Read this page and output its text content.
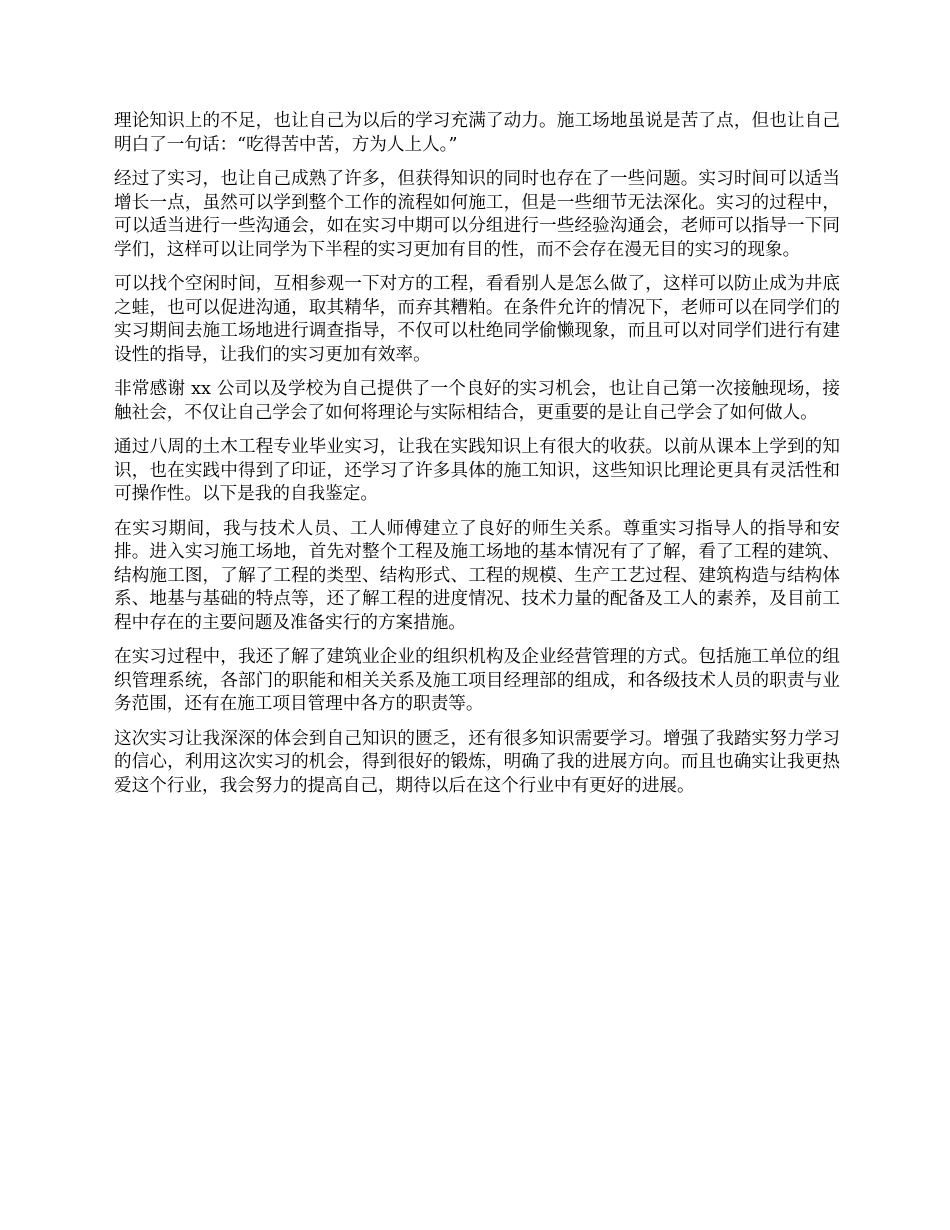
理论知识上的不足，也让自己为以后的学习充满了动力。施工场地虽说是苦了点，但也让自己明白了一句话：“吃得苦中苦，方为人上人。”

经过了实习，也让自己成熟了许多，但获得知识的同时也存在了一些问题。实习时间可以适当增长一点，虽然可以学到整个工作的流程如何施工，但是一些细节无法深化。实习的过程中，可以适当进行一些沟通会，如在实习中期可以分组进行一些经验沟通会，老师可以指导一下同学们，这样可以让同学为下半程的实习更加有目的性，而不会存在漫无目的实习的现象。

可以找个空闲时间，互相参观一下对方的工程，看看别人是怎么做了，这样可以防止成为井底之蛙，也可以促进沟通，取其精华，而弃其糟粕。在条件允许的情况下，老师可以在同学们的实习期间去施工场地进行调查指导，不仅可以杜绝同学偷懒现象，而且可以对同学们进行有建设性的指导，让我们的实习更加有效率。

非常感谢 xx 公司以及学校为自己提供了一个良好的实习机会，也让自己第一次接触现场，接触社会，不仅让自己学会了如何将理论与实际相结合，更重要的是让自己学会了如何做人。

通过八周的土木工程专业毕业实习，让我在实践知识上有很大的收获。以前从课本上学到的知识，也在实践中得到了印证，还学习了许多具体的施工知识，这些知识比理论更具有灵活性和可操作性。以下是我的自我鉴定。

在实习期间，我与技术人员、工人师傅建立了良好的师生关系。尊重实习指导人的指导和安排。进入实习施工场地，首先对整个工程及施工场地的基本情况有了了解，看了工程的建筑、结构施工图，了解了工程的类型、结构形式、工程的规模、生产工艺过程、建筑构造与结构体系、地基与基础的特点等，还了解工程的进度情况、技术力量的配备及工人的素养，及目前工程中存在的主要问题及准备实行的方案措施。

在实习过程中，我还了解了建筑业企业的组织机构及企业经营管理的方式。包括施工单位的组织管理系统，各部门的职能和相关关系及施工项目经理部的组成，和各级技术人员的职责与业务范围，还有在施工项目管理中各方的职责等。

这次实习让我深深的体会到自己知识的匮乏，还有很多知识需要学习。增强了我踏实努力学习的信心，利用这次实习的机会，得到很好的锻炼，明确了我的进展方向。而且也确实让我更热爱这个行业，我会努力的提高自己，期待以后在这个行业中有更好的进展。
